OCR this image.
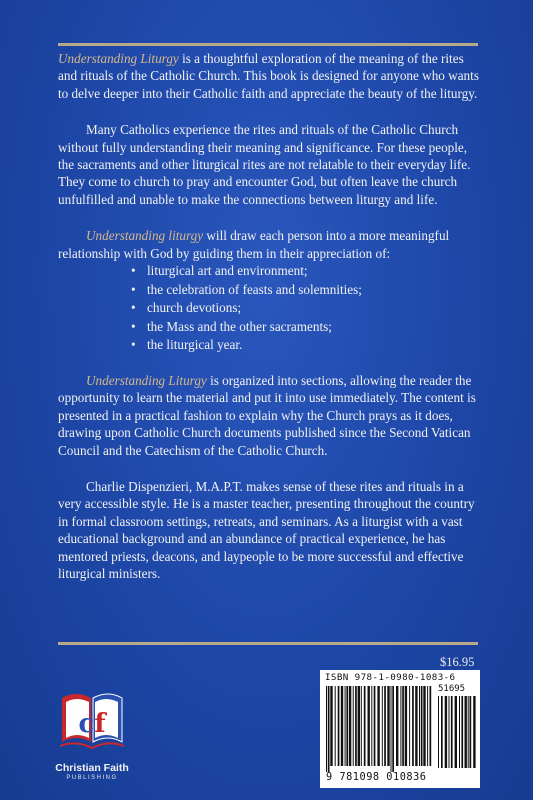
Understanding Liturgy is a thoughtful exploration of the meaning of the rites and rituals of the Catholic Church. This book is designed for anyone who wants to delve deeper into their Catholic faith and appreciate the beauty of the liturgy.

Many Catholics experience the rites and rituals of the Catholic Church without fully understanding their meaning and significance. For these people, the sacraments and other liturgical rites are not relatable to their everyday life. They come to church to pray and encounter God, but often leave the church unfulfilled and unable to make the connections between liturgy and life.

Understanding liturgy will draw each person into a more meaningful relationship with God by guiding them in their appreciation of:

• liturgical art and environment;
• the celebration of feasts and solemnities;
• church devotions;
• the Mass and the other sacraments;
• the liturgical year.

Understanding Liturgy is organized into sections, allowing the reader the opportunity to learn the material and put it into use immediately. The content is presented in a practical fashion to explain why the Church prays as it does, drawing upon Catholic Church documents published since the Second Vatican Council and the Catechism of the Catholic Church.

Charlie Dispenzieri, M.A.P.T. makes sense of these rites and rituals in a very accessible style. He is a master teacher, presenting throughout the country in formal classroom settings, retreats, and seminars. As a liturgist with a vast educational background and an abundance of practical experience, he has mentored priests, deacons, and laypeople to be more successful and effective liturgical ministers.

$16.95
ISBN 978-1-0980-1083-6
51695
9 781098 010836
cf
Christian Faith
PUBLISHING
